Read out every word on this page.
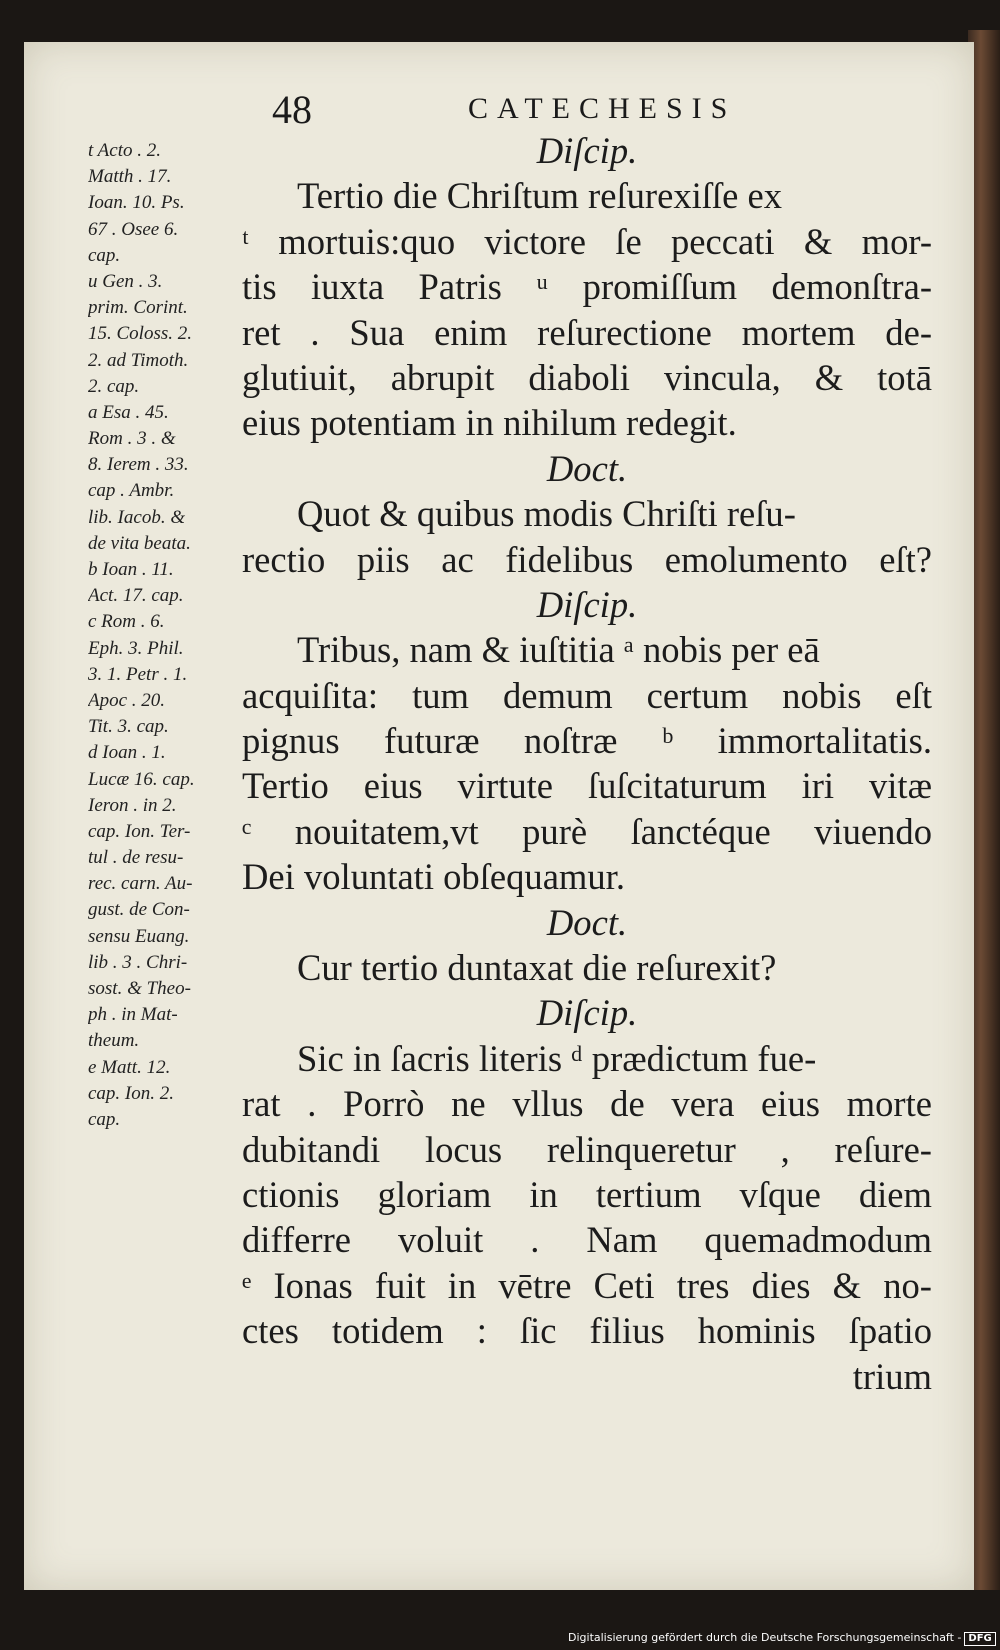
48	CATECHESIS
t Acto . 2.
Matth . 17.
Ioan. 10. Ps.
67 . Osee 6.
cap.
u Gen . 3.
prim. Corint.
15. Coloss. 2.
2. ad Timoth.
2. cap.
a Esa . 45.
Rom . 3 . &
8. Ierem . 33.
cap . Ambr.
lib. Iacob. &
de vita beata.
b Ioan . 11.
Act. 17. cap.
c Rom . 6.
Eph. 3. Phil.
3. 1. Petr . 1.
Apoc . 20.
Tit. 3. cap.
d Ioan . 1.
Lucæ 16. cap.
Ieron . in 2.
cap. Ion. Ter-
tul . de resu-
rec. carn. Au-
gust. de Con-
sensu Euang.
lib . 3 . Chri-
sost. & Theo-
ph . in Mat-
theum.
e Matt. 12.
cap. Ion. 2.
cap.
Diſcip.
Tertio die Chriſtum reſurexiſſe ex
ᵗ mortuis:quo victore ſe peccati & mor-
tis iuxta Patris ᵘ promiſſum demonſtra-
ret . Sua enim reſurectione mortem de-
glutiuit, abrupit diaboli vincula, & totā
eius potentiam in nihilum redegit.
Doct.
Quot & quibus modis Chriſti reſu-
rectio piis ac fidelibus emolumento eſt?
Diſcip.
Tribus, nam & iuſtitia ᵃ nobis per eā
acquiſita: tum demum certum nobis eſt
pignus futuræ noſtræ ᵇ immortalitatis.
Tertio eius virtute ſuſcitaturum iri vitæ
ᶜ nouitatem,vt purè ſanctéque viuendo
Dei voluntati obſequamur.
Doct.
Cur tertio duntaxat die reſurexit?
Diſcip.
Sic in ſacris literis ᵈ prædictum fue-
rat . Porrò ne vllus de vera eius morte
dubitandi locus relinqueretur , reſure-
ctionis gloriam in tertium vſque diem
differre voluit . Nam quemadmodum
ᵉ Ionas fuit in vētre Ceti tres dies & no-
ctes totidem : ſic filius hominis ſpatio
trium
Digitalisierung gefördert durch die Deutsche Forschungsgemeinschaft - DFG
